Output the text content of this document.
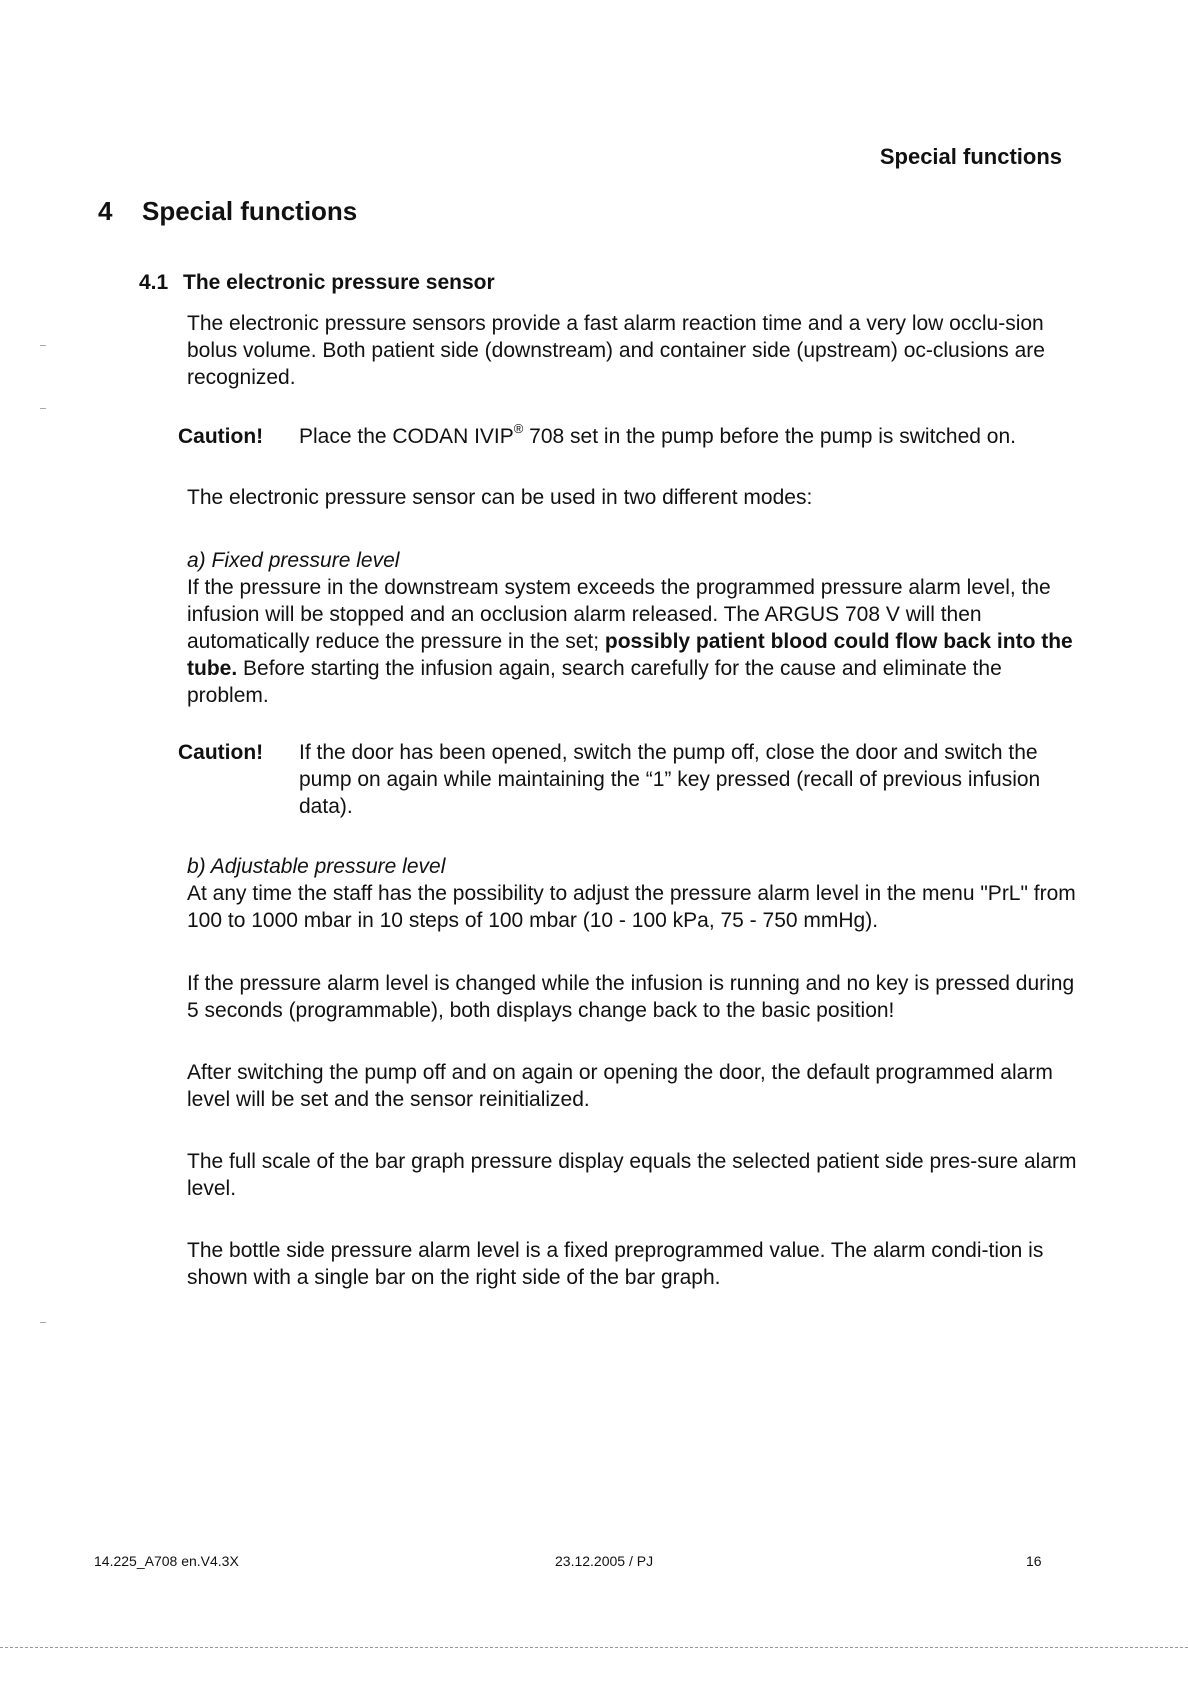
Special functions
4 Special functions
4.1 The electronic pressure sensor
The electronic pressure sensors provide a fast alarm reaction time and a very low occlu-sion bolus volume. Both patient side (downstream) and container side (upstream) oc-clusions are recognized.
Caution! Place the CODAN IVIP® 708 set in the pump before the pump is switched on.
The electronic pressure sensor can be used in two different modes:
a) Fixed pressure level
If the pressure in the downstream system exceeds the programmed pressure alarm level, the infusion will be stopped and an occlusion alarm released. The ARGUS 708 V will then automatically reduce the pressure in the set; possibly patient blood could flow back into the tube. Before starting the infusion again, search carefully for the cause and eliminate the problem.
Caution! If the door has been opened, switch the pump off, close the door and switch the pump on again while maintaining the “1” key pressed (recall of previous infusion data).
b) Adjustable pressure level
At any time the staff has the possibility to adjust the pressure alarm level in the menu "PrL" from 100 to 1000 mbar in 10 steps of 100 mbar (10 - 100 kPa, 75 - 750 mmHg).
If the pressure alarm level is changed while the infusion is running and no key is pressed during 5 seconds (programmable), both displays change back to the basic position!
After switching the pump off and on again or opening the door, the default programmed alarm level will be set and the sensor reinitialized.
The full scale of the bar graph pressure display equals the selected patient side pres-sure alarm level.
The bottle side pressure alarm level is a fixed preprogrammed value. The alarm condi-tion is shown with a single bar on the right side of the bar graph.
14.225_A708 en.V4.3X	23.12.2005 / PJ	16
